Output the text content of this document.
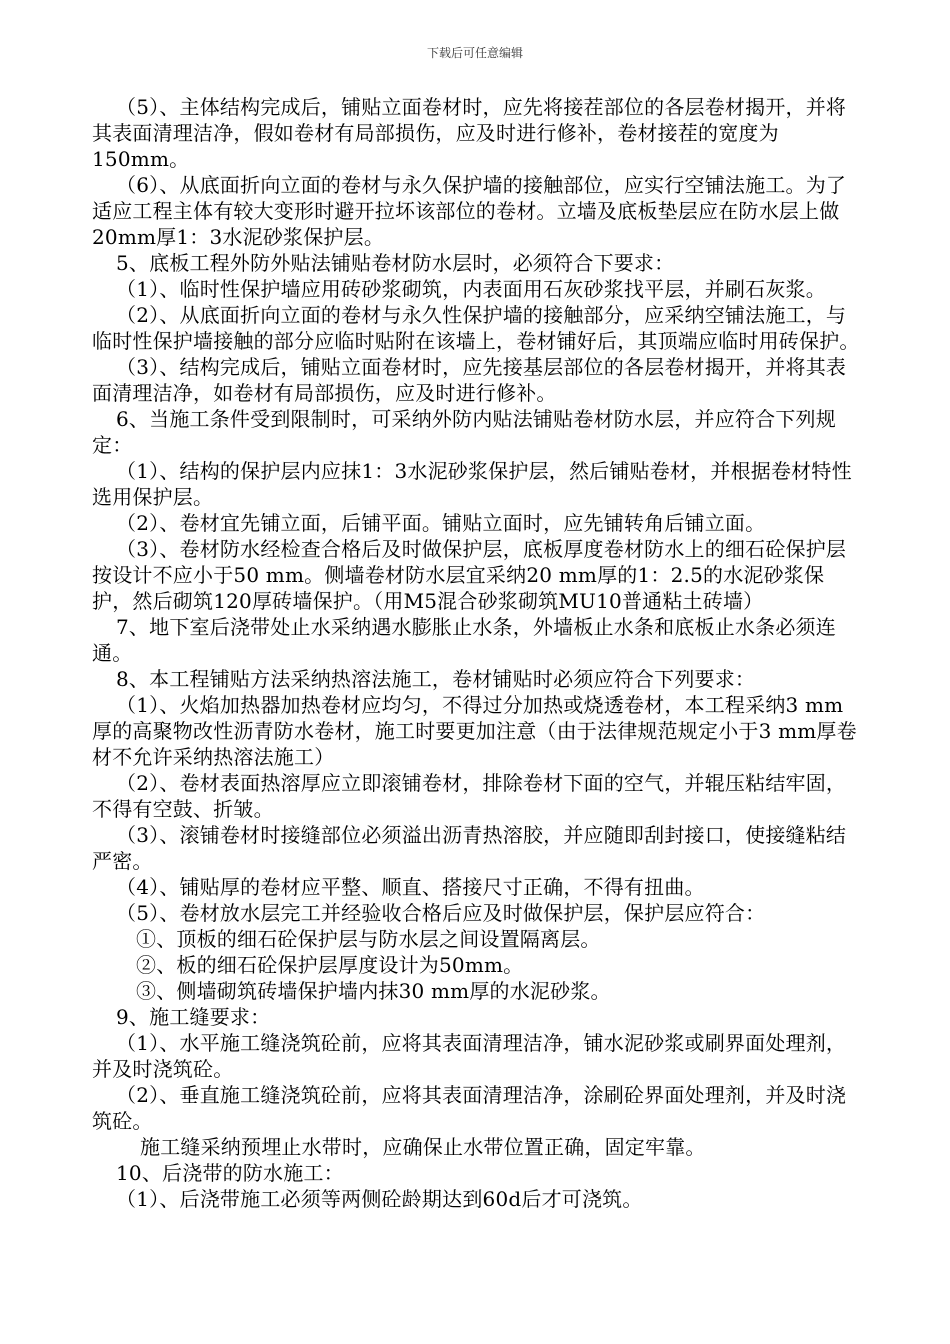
下载后可任意编辑

（5）、主体结构完成后，铺贴立面卷材时，应先将接茬部位的各层卷材揭开，并将其表面清理洁净，假如卷材有局部损伤，应及时进行修补，卷材接茬的宽度为150mm。

（6）、从底面折向立面的卷材与永久保护墙的接触部位，应实行空铺法施工。为了适应工程主体有较大变形时避开拉坏该部位的卷材。立墙及底板垫层应在防水层上做20mm厚1：3水泥砂浆保护层。

5、底板工程外防外贴法铺贴卷材防水层时，必须符合下要求：

（1）、临时性保护墙应用砖砂浆砌筑，内表面用石灰砂浆找平层，并刷石灰浆。

（2）、从底面折向立面的卷材与永久性保护墙的接触部分，应采纳空铺法施工，与临时性保护墙接触的部分应临时贴附在该墙上，卷材铺好后，其顶端应临时用砖保护。

（3）、结构完成后，铺贴立面卷材时，应先接基层部位的各层卷材揭开，并将其表面清理洁净，如卷材有局部损伤，应及时进行修补。

6、当施工条件受到限制时，可采纳外防内贴法铺贴卷材防水层，并应符合下列规定：

（1）、结构的保护层内应抹1：3水泥砂浆保护层，然后铺贴卷材，并根据卷材特性选用保护层。

（2）、卷材宜先铺立面，后铺平面。铺贴立面时，应先铺转角后铺立面。

（3）、卷材防水经检查合格后及时做保护层，底板厚度卷材防水上的细石砼保护层按设计不应小于50 mm。侧墙卷材防水层宜采纳20 mm厚的1：2.5的水泥砂浆保护，然后砌筑120厚砖墙保护。（用M5混合砂浆砌筑MU10普通粘土砖墙）

7、地下室后浇带处止水采纳遇水膨胀止水条，外墙板止水条和底板止水条必须连通。

8、本工程铺贴方法采纳热溶法施工，卷材铺贴时必须应符合下列要求：

（1）、火焰加热器加热卷材应均匀，不得过分加热或烧透卷材，本工程采纳3 mm厚的高聚物改性沥青防水卷材，施工时要更加注意（由于法律规范规定小于3 mm厚卷材不允许采纳热溶法施工）

（2）、卷材表面热溶厚应立即滚铺卷材，排除卷材下面的空气，并辊压粘结牢固，不得有空鼓、折皱。

（3）、滚铺卷材时接缝部位必须溢出沥青热溶胶，并应随即刮封接口，使接缝粘结严密。

（4）、铺贴厚的卷材应平整、顺直、搭接尺寸正确，不得有扭曲。

（5）、卷材放水层完工并经验收合格后应及时做保护层，保护层应符合：

①、顶板的细石砼保护层与防水层之间设置隔离层。

②、板的细石砼保护层厚度设计为50mm。

③、侧墙砌筑砖墙保护墙内抹30 mm厚的水泥砂浆。

9、施工缝要求：

（1）、水平施工缝浇筑砼前，应将其表面清理洁净，铺水泥砂浆或刷界面处理剂，并及时浇筑砼。

（2）、垂直施工缝浇筑砼前，应将其表面清理洁净，涂刷砼界面处理剂，并及时浇筑砼。

施工缝采纳预埋止水带时，应确保止水带位置正确，固定牢靠。

10、后浇带的防水施工：

（1）、后浇带施工必须等两侧砼龄期达到60d后才可浇筑。
